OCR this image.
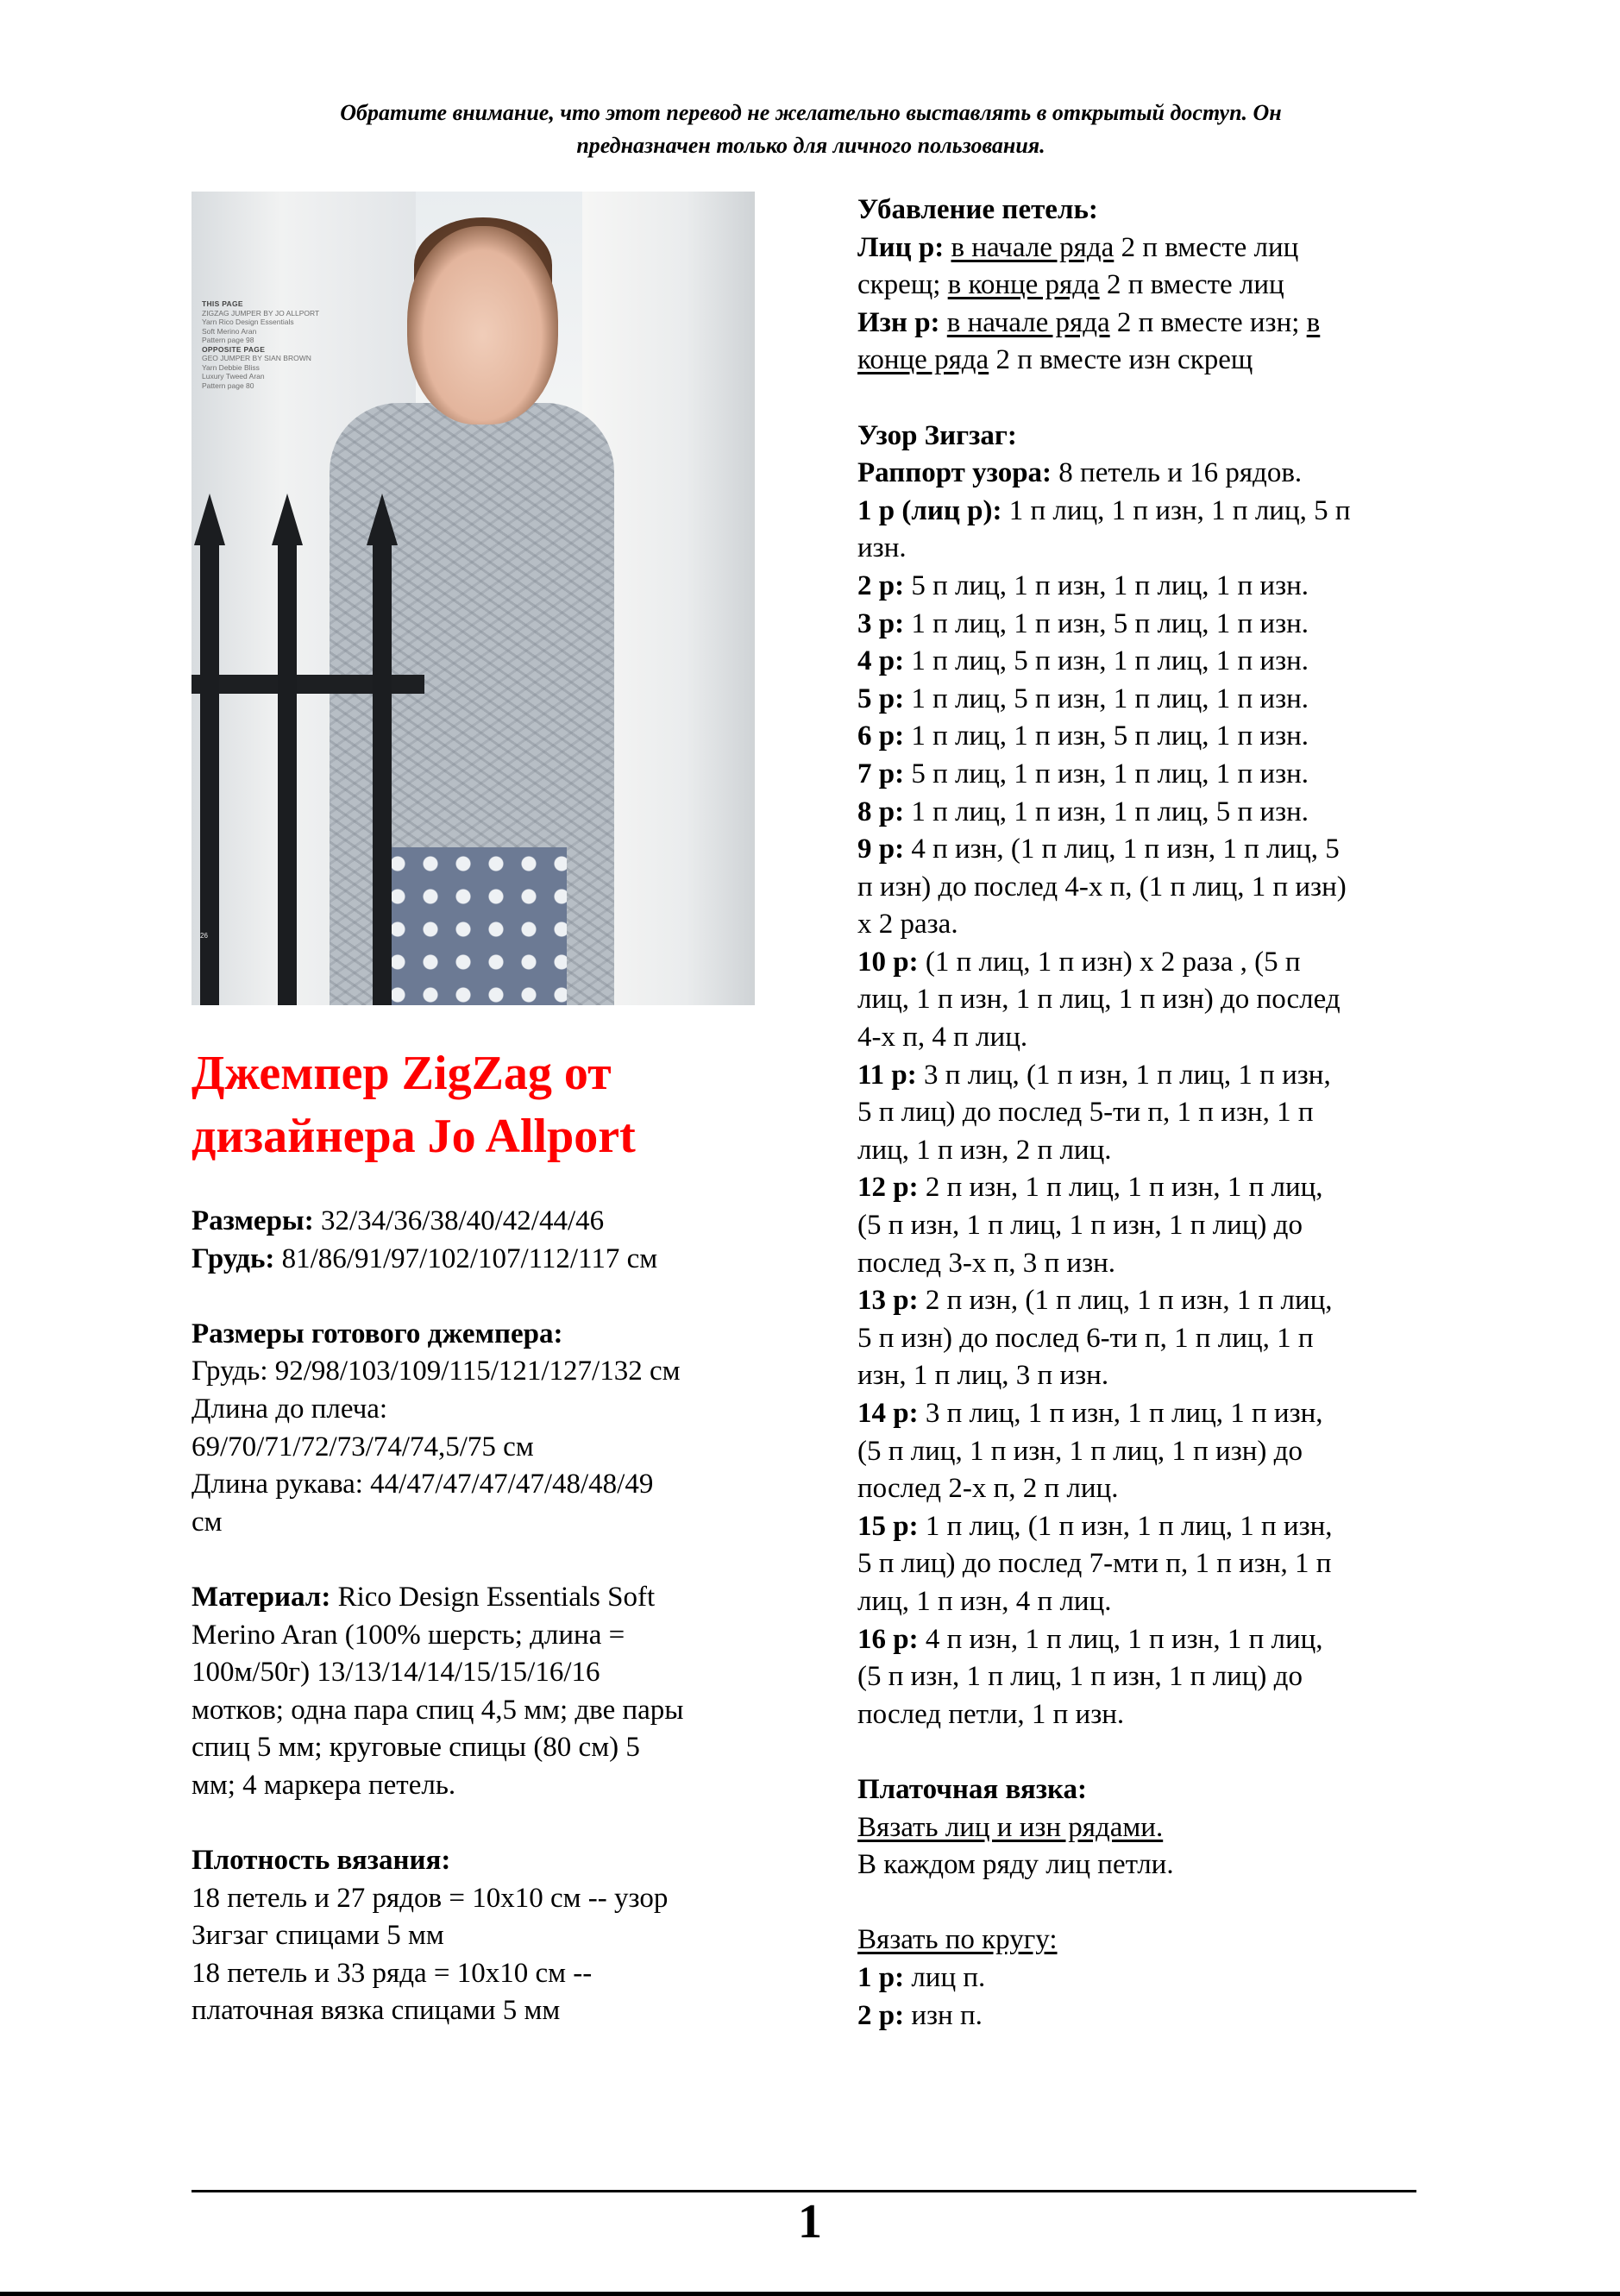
Обратите внимание, что этот перевод не желательно выставлять в открытый доступ. Он
предназначен только для личного пользования.
THIS PAGE
ZIGZAG JUMPER BY JO ALLPORT
Yarn Rico Design Essentials
Soft Merino Aran
Pattern page 98
OPPOSITE PAGE
GEO JUMPER BY SIAN BROWN
Yarn Debbie Bliss
Luxury Tweed Aran
Pattern page 80
26
Джемпер ZigZag от
дизайнера Jo Allport

Размеры: 32/34/36/38/40/42/44/46

Грудь: 81/86/91/97/102/107/112/117 см

Размеры готового джемпера:

Грудь: 92/98/103/109/115/121/127/132 см

Длина до плеча:

69/70/71/72/73/74/74,5/75 см

Длина рукава: 44/47/47/47/47/48/48/49

см

Материал: Rico Design Essentials Soft

Merino Aran (100% шерсть; длина =

100м/50г) 13/13/14/14/15/15/16/16

мотков; одна пара спиц 4,5 мм; две пары

спиц 5 мм; круговые спицы (80 см) 5

мм; 4 маркера петель.

Плотность вязания:

18 петель и 27 рядов = 10х10 см -- узор

Зигзаг спицами 5 мм

18 петель и 33 ряда = 10х10 см --

платочная вязка спицами 5 мм

Убавление петель:

Лиц р: в начале ряда 2 п вместе лиц

скрещ; в конце ряда 2 п вместе лиц

Изн р: в начале ряда 2 п вместе изн; в

конце ряда 2 п вместе изн скрещ

Узор Зигзаг:

Раппорт узора: 8 петель и 16 рядов.

1 р (лиц р): 1 п лиц, 1 п изн, 1 п лиц, 5 п

изн.

2 р: 5 п лиц, 1 п изн, 1 п лиц, 1 п изн.

3 р: 1 п лиц, 1 п изн, 5 п лиц, 1 п изн.

4 р: 1 п лиц, 5 п изн, 1 п лиц, 1 п изн.

5 р: 1 п лиц, 5 п изн, 1 п лиц, 1 п изн.

6 р: 1 п лиц, 1 п изн, 5 п лиц, 1 п изн.

7 р: 5 п лиц, 1 п изн, 1 п лиц, 1 п изн.

8 р: 1 п лиц, 1 п изн, 1 п лиц, 5 п изн.

9 р: 4 п изн, (1 п лиц, 1 п изн, 1 п лиц, 5

п изн) до послед 4-х п, (1 п лиц, 1 п изн)

х 2 раза.

10 р: (1 п лиц, 1 п изн) х 2 раза , (5 п

лиц, 1 п изн, 1 п лиц, 1 п изн) до послед

4-х п, 4 п лиц.

11 р: 3 п лиц, (1 п изн, 1 п лиц, 1 п изн,

5 п лиц) до послед 5-ти п, 1 п изн, 1 п

лиц, 1 п изн, 2 п лиц.

12 р: 2 п изн, 1 п лиц, 1 п изн, 1 п лиц,

(5 п изн, 1 п лиц, 1 п изн, 1 п лиц) до

послед 3-х п, 3 п изн.

13 р: 2 п изн, (1 п лиц, 1 п изн, 1 п лиц,

5 п изн) до послед 6-ти п, 1 п лиц, 1 п

изн, 1 п лиц, 3 п изн.

14 р: 3 п лиц, 1 п изн, 1 п лиц, 1 п изн,

(5 п лиц, 1 п изн, 1 п лиц, 1 п изн) до

послед 2-х п, 2 п лиц.

15 р: 1 п лиц, (1 п изн, 1 п лиц, 1 п изн,

5 п лиц) до послед 7-мти п, 1 п изн, 1 п

лиц, 1 п изн, 4 п лиц.

16 р: 4 п изн, 1 п лиц, 1 п изн, 1 п лиц,

(5 п изн, 1 п лиц, 1 п изн, 1 п лиц) до

послед петли, 1 п изн.

Платочная вязка:

Вязать лиц и изн рядами.

В каждом ряду лиц петли.

Вязать по кругу:

1 р: лиц п.

2 р: изн п.

1
